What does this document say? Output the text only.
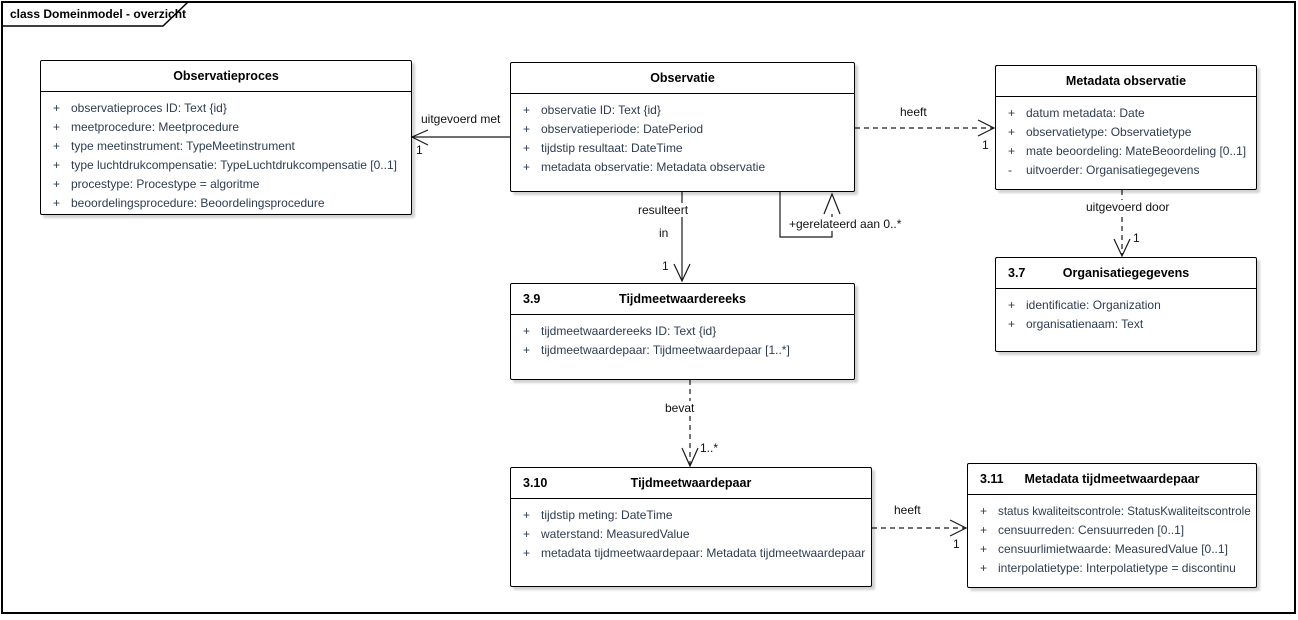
class Domeinmodel - overzicht
Observatieproces
+ observatieproces ID: Text {id}
+ meetprocedure: Meetprocedure
+ type meetinstrument: TypeMeetinstrument
+ type luchtdrukcompensatie: TypeLuchtdrukcompensatie [0..1]
+ procestype: Procestype = algoritme
+ beoordelingsprocedure: Beoordelingsprocedure
Observatie
+ observatie ID: Text {id}
+ observatieperiode: DatePeriod
+ tijdstip resultaat: DateTime
+ metadata observatie: Metadata observatie
Metadata observatie
+ datum metadata: Date
+ observatietype: Observatietype
+ mate beoordeling: MateBeoordeling [0..1]
-	uitvoerder: Organisatiegegevens
3.7	Organisatiegegevens
+ identificatie: Organization
+ organisatienaam: Text
3.9	Tijdmeetwaardereeks
+ tijdmeetwaardereeks ID: Text {id}
+ tijdmeetwaardepaar: Tijdmeetwaardepaar [1..*]
3.10	Tijdmeetwaardepaar
+ tijdstip meting: DateTime
+ waterstand: MeasuredValue
+ metadata tijdmeetwaardepaar: Metadata tijdmeetwaardepaar
3.11	Metadata tijdmeetwaardepaar
+ status kwaliteitscontrole: StatusKwaliteitscontrole
+ censuurreden: Censuurreden [0..1]
+ censuurlimietwaarde: MeasuredValue [0..1]
+ interpolatietype: Interpolatietype = discontinu
uitgevoerd met
1
heeft
1
resulteert
in
1
+gerelateerd aan 0..*
uitgevoerd door
1
bevat
1..*
heeft
1
